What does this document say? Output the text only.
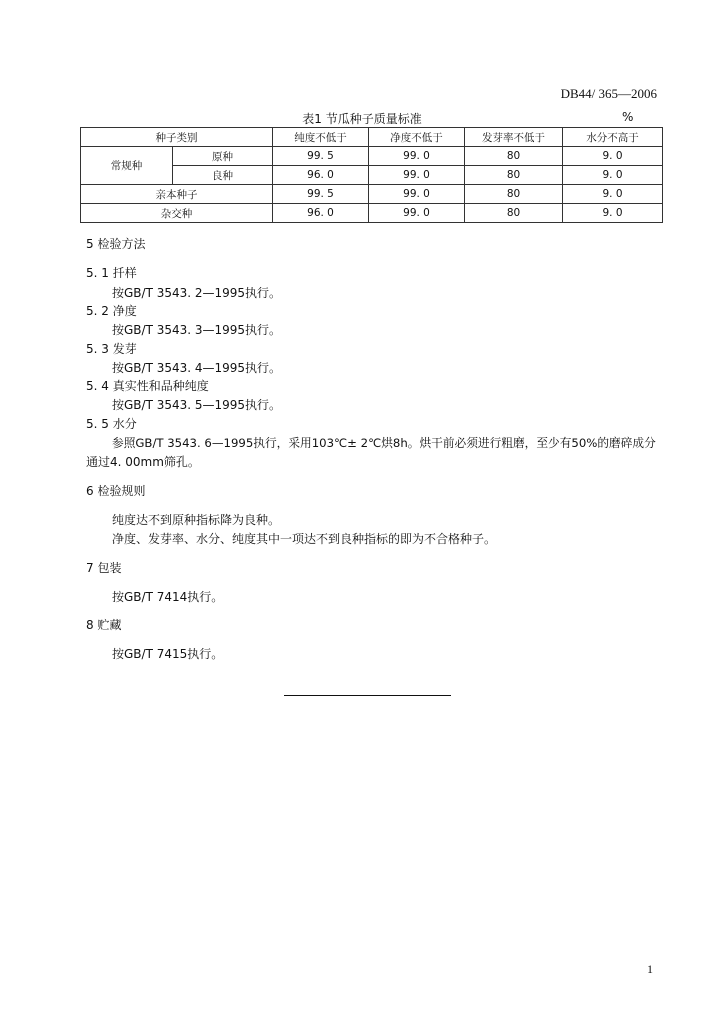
DB44/ 365—2006
表1 节瓜种子质量标准	%
种子类别		纯度不低于	净度不低于	发芽率不低于	水分不高于
常规种	原种	99. 5	99. 0	80	9. 0
	良种	96. 0	99. 0	80	9. 0
亲本种子		99. 5	99. 0	80	9. 0
杂交种		96. 0	99. 0	80	9. 0
5 检验方法
5. 1 扦样
按GB/T 3543. 2—1995执行。
5. 2 净度
按GB/T 3543. 3—1995执行。
5. 3 发芽
按GB/T 3543. 4—1995执行。
5. 4 真实性和品种纯度
按GB/T 3543. 5—1995执行。
5. 5 水分
参照GB/T 3543. 6—1995执行，采用103℃± 2℃烘8h。烘干前必须进行粗磨，至少有50%的磨碎成分
通过4. 00mm筛孔。
6 检验规则
纯度达不到原种指标降为良种。
净度、发芽率、水分、纯度其中一项达不到良种指标的即为不合格种子。
7 包装
按GB/T 7414执行。
8 贮藏
按GB/T 7415执行。
1
